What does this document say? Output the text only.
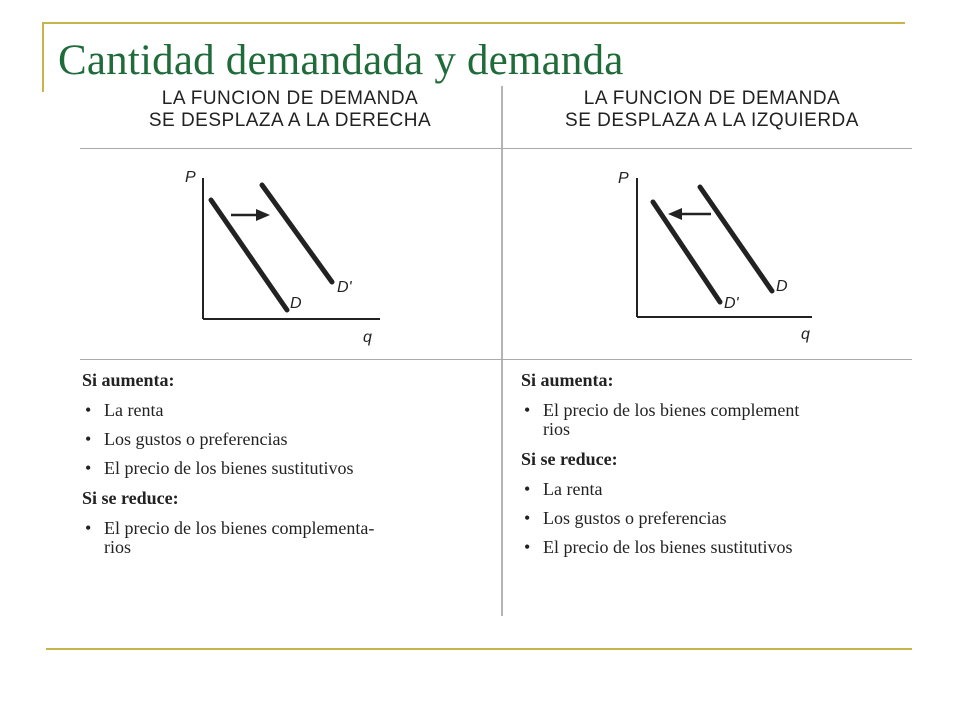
Cantidad demandada y demanda
LA FUNCION DE DEMANDA
SE DESPLAZA A LA DERECHA
LA FUNCION DE DEMANDA
SE DESPLAZA A LA IZQUIERDA
P
q
D
D'
P
q
D'
D
Si aumenta:
• La renta
• Los gustos o preferencias
• El precio de los bienes sustitutivos
Si se reduce:
• El precio de los bienes complementa-
rios
Si aumenta:
• El precio de los bienes complement
rios
Si se reduce:
• La renta
• Los gustos o preferencias
• El precio de los bienes sustitutivos
